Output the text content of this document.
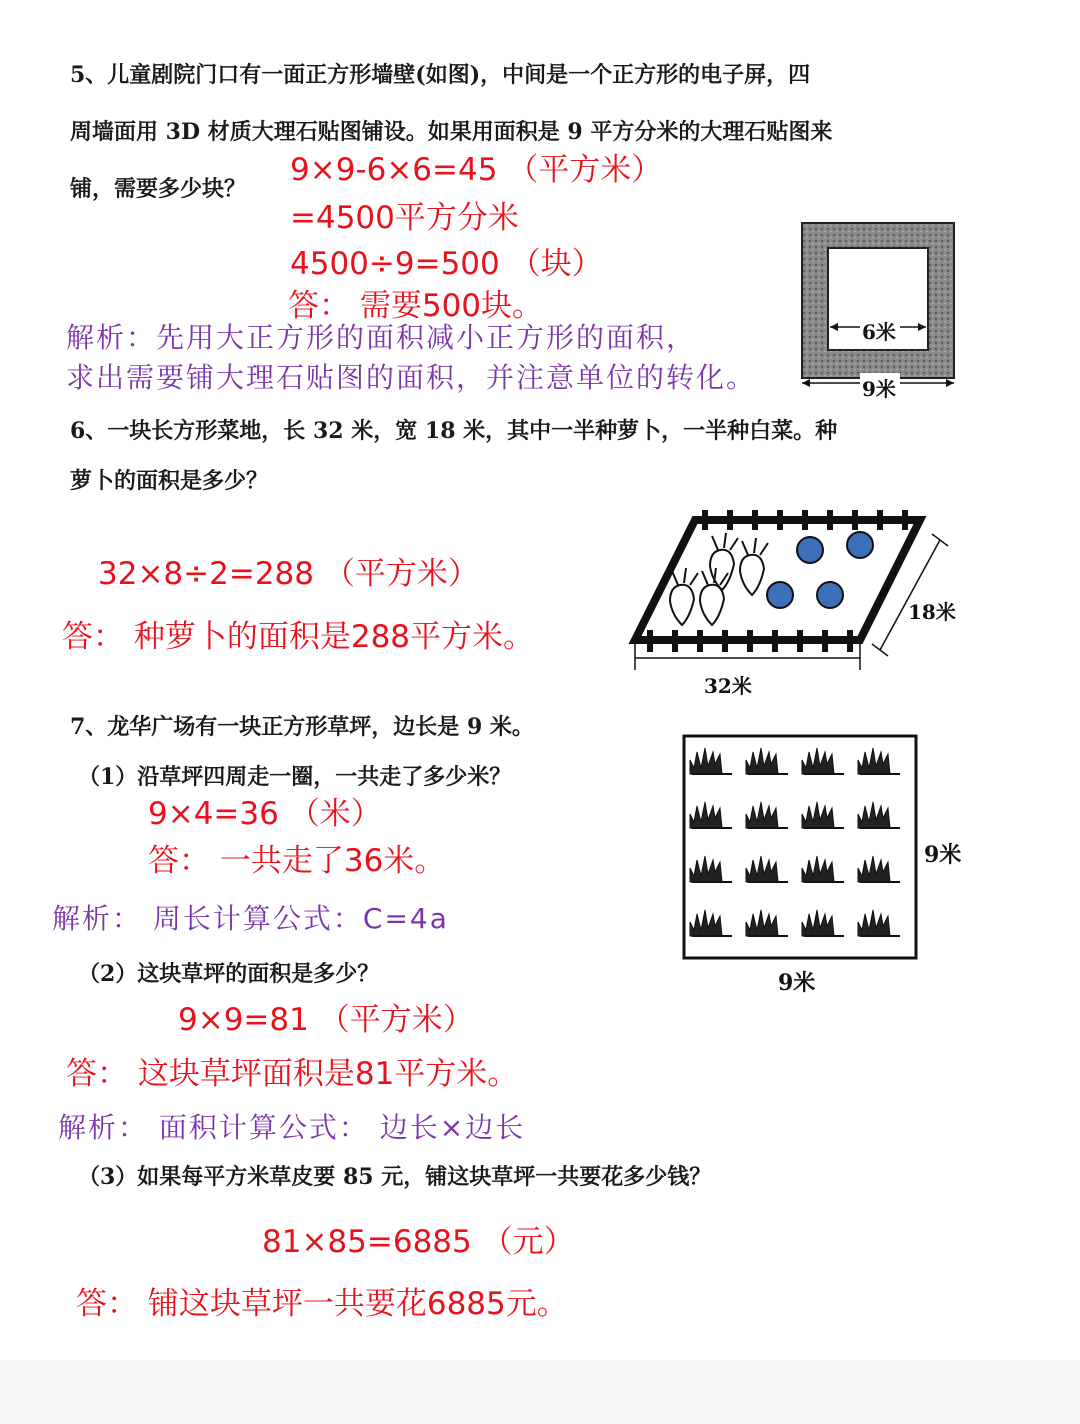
5、儿童剧院门口有一面正方形墙壁(如图)，中间是一个正方形的电子屏，四
周墙面用 3D 材质大理石贴图铺设。如果用面积是 9 平方分米的大理石贴图来
铺，需要多少块？
9×9-6×6=45 （平方米）
=4500平方分米
4500÷9=500 （块）
答： 需要500块。
解析：先用大正方形的面积减小正方形的面积，
求出需要铺大理石贴图的面积，并注意单位的转化。
6米
9米
6、一块长方形菜地，长 32 米，宽 18 米，其中一半种萝卜，一半种白菜。种
萝卜的面积是多少？
32×8÷2=288 （平方米）
答： 种萝卜的面积是288平方米。
18米
32米
7、龙华广场有一块正方形草坪，边长是 9 米。
（1）沿草坪四周走一圈，一共走了多少米？
9×4=36 （米）
答： 一共走了36米。
解析： 周长计算公式：C=4a
（2）这块草坪的面积是多少？
9×9=81 （平方米）
答： 这块草坪面积是81平方米。
解析： 面积计算公式： 边长×边长
（3）如果每平方米草皮要 85 元，铺这块草坪一共要花多少钱？
81×85=6885 （元）
答： 铺这块草坪一共要花6885元。
9米
9米
